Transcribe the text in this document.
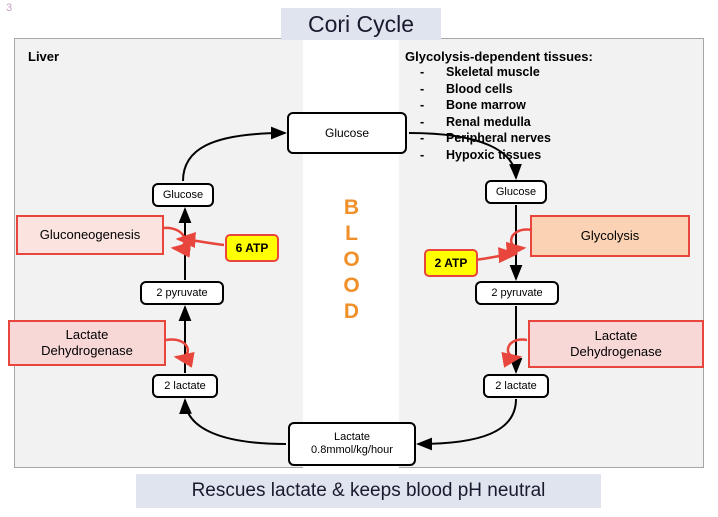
3
B
L
O
O
D
Cori Cycle
Liver	Glycolysis-dependent tissues:
- Skeletal muscle
- Blood cells
- Bone marrow
- Renal medulla
- Peripheral nerves
- Hypoxic tissues
Glucose
Glucose	Glucose
2 pyruvate	2 pyruvate
2 lactate	2 lactate
Lactate
0.8mmol/kg/hour
Gluconeogenesis	Glycolysis
Lactate
Dehydrogenase
Lactate
Dehydrogenase
6 ATP
2 ATP
Rescues lactate & keeps blood pH neutral
